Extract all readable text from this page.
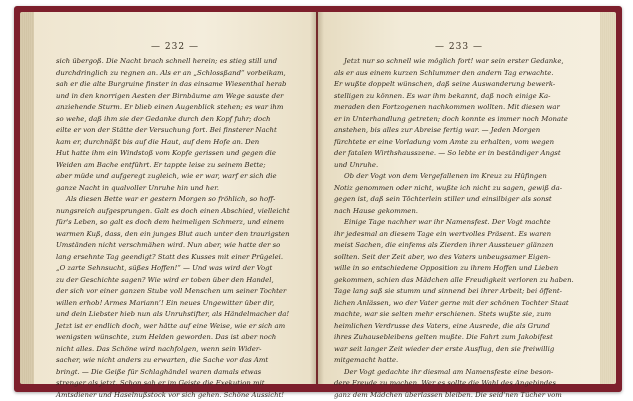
— 232 —
sich übergoß. Die Nacht brach schnell herein; es stieg still und
durchdringlich zu regnen an. Als er an „Schlossßand“ vorbeikam,
sah er die alte Burgruine finster in das einsame Wiesenthal herab
und in den knorrigen Aesten der Birnbäume am Wege sauste der
anziehende Sturm. Er blieb einen Augenblick stehen; es war ihm
so wehe, daß ihm sie der Gedanke durch den Kopf fuhr; doch
eilte er von der Stätte der Versuchung fort. Bei finsterer Nacht
kam er, durchnäßt bis auf die Haut, auf dem Hofe an. Den
Hut hatte ihm ein Windstoß vom Kopfe gerissen und gegen die
Weiden am Bache entführt. Er tappte leise zu seinem Bette;
aber müde und aufgeregt zugleich, wie er war, warf er sich die
ganze Nacht in qualvoller Unruhe hin und her.
Als diesen Bette war er gestern Morgen so fröhlich, so hoff-
nungsreich aufgesprungen. Galt es doch einen Abschied, vielleicht
für's Leben, so galt es doch dem heimeligen Schmerz, und einem
warmen Kuß, dass, den ein junges Blut auch unter den traurigsten
Umständen nicht verschmähen wird. Nun aber, wie hatte der so
lang ersehnte Tag geendigt? Statt des Kusses mit einer Prügelei.
„O zarte Sehnsucht, süßes Hoffen!“ — Und was wird der Vogt
zu der Geschichte sagen? Wie wird er toben über den Handel,
der sich vor einer ganzen Stube voll Menschen um seiner Tochter
willen erhob! Armes Mariann’! Ein neues Ungewitter über dir,
und dein Liebster hieb nun als Unruhstifter, als Händelmacher da!
Jetzt ist er endlich doch, wer hätte auf eine Weise, wie er sich am
wenigsten wünschte, zum Helden geworden. Das ist aber noch
nicht alles. Das Schöne wird nachfolgen, wenn sein Wider-
sacher, wie nicht anders zu erwarten, die Sache vor das Amt
bringt. — Die Geiße für Schlaghändel waren damals etwas
strenger als jetzt. Schon sah er im Geiste die Exekution mit
Amtsdiener und Haselnußstock vor sich gehen. Schöne Aussicht!
— 233 —
Jetzt nur so schnell wie möglich fort! war sein erster Gedanke,
als er aus einem kurzen Schlummer den andern Tag erwachte.
Er wußte doppelt wünschen, daß seine Auswanderung bewerk-
stelligen zu können. Es war ihm bekannt, daß noch einige Ka-
meraden den Fortzogenen nachkommen wollten. Mit diesen war
er in Unterhandlung getreten; doch konnte es immer noch Monate
anstehen, bis alles zur Abreise fertig war. — Jeden Morgen
fürchtete er eine Vorladung vom Amte zu erhalten, vom wegen
der fatalen Wirthshausszene. — So lebte er in beständiger Angst
und Unruhe.
Ob der Vogt von dem Vergefallenen im Kreuz zu Hüfingen
Notiz genommen oder nicht, wußte ich nicht zu sagen, gewiß da-
gegen ist, daß sein Töchterlein stiller und einsilbiger als sonst
nach Hause gekommen.
Einige Tage nachher war ihr Namensfest. Der Vogt machte
ihr jedesmal an diesem Tage ein wertvolles Präsent. Es waren
meist Sachen, die einfems als Zierden ihrer Aussteuer glänzen
sollten. Seit der Zeit aber, wo des Vaters unbeugsamer Eigen-
wille in so entschiedene Opposition zu ihrem Hoffen und Lieben
gekommen, schien das Mädchen alle Freudigkeit verloren zu haben.
Tage lang saß sie stumm und sinnend bei ihrer Arbeit; bei öffent-
lichen Anlässen, wo der Vater gerne mit der schönen Tochter Staat
machte, war sie selten mehr erschienen. Stets wußte sie, zum
heimlichen Verdrusse des Vaters, eine Ausrede, die als Grund
ihres Zuhausebleibens gelten mußte. Die Fahrt zum Jakobifest
war seit langer Zeit wieder der erste Ausflug, den sie freiwillig
mitgemacht hatte.
Der Vogt gedachte ihr diesmal am Namensfeste eine beson-
dere Freude zu machen. Wer es sollte die Wahl des Angebindes
ganz dem Mädchen überlassen bleiben. Die seid'nen Tücher vom
